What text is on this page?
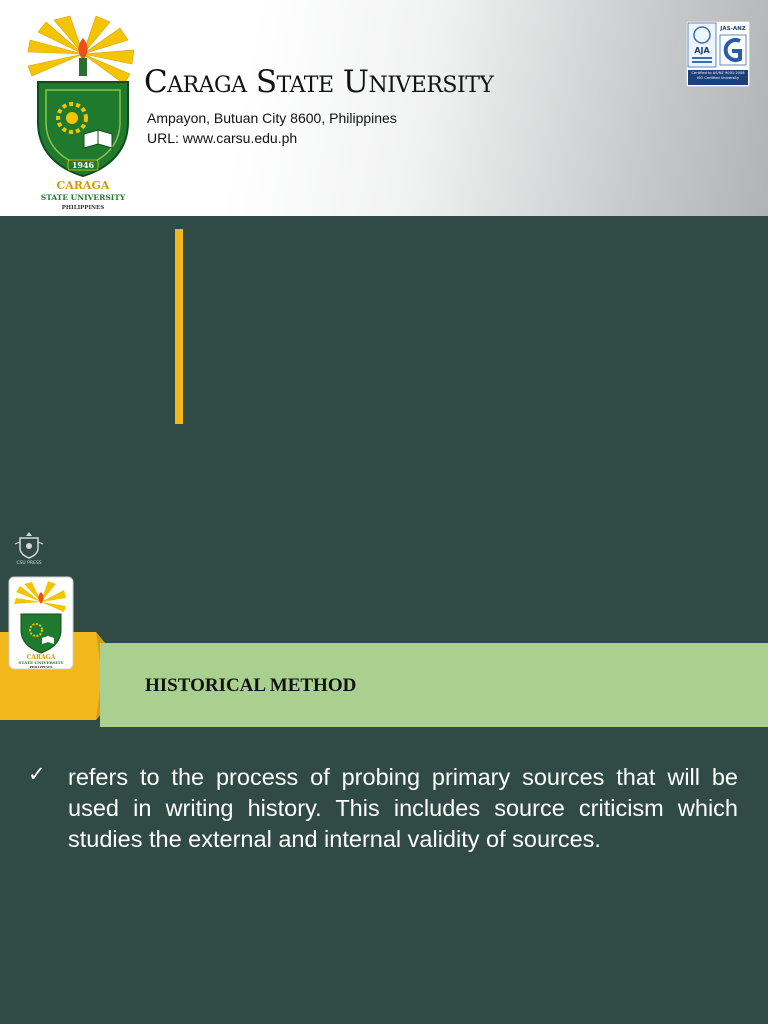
1946
CARAGA
STATE UNIVERSITY
PHILIPPINES
Caraga State University
Ampayon, Butuan City 8600, Philippines
URL: www.carsu.edu.ph
AJA
JAS-ANZ
Certified to AS/NZ 9001:2008 ISO Certified University
CSU PRESS
HISTORICAL METHOD
CARAGA
STATE UNIVERSITY
PHILIPPINES
✓ refers to the process of probing primary sources that will be used in writing history. This includes source criticism which studies the external and internal validity of sources.
